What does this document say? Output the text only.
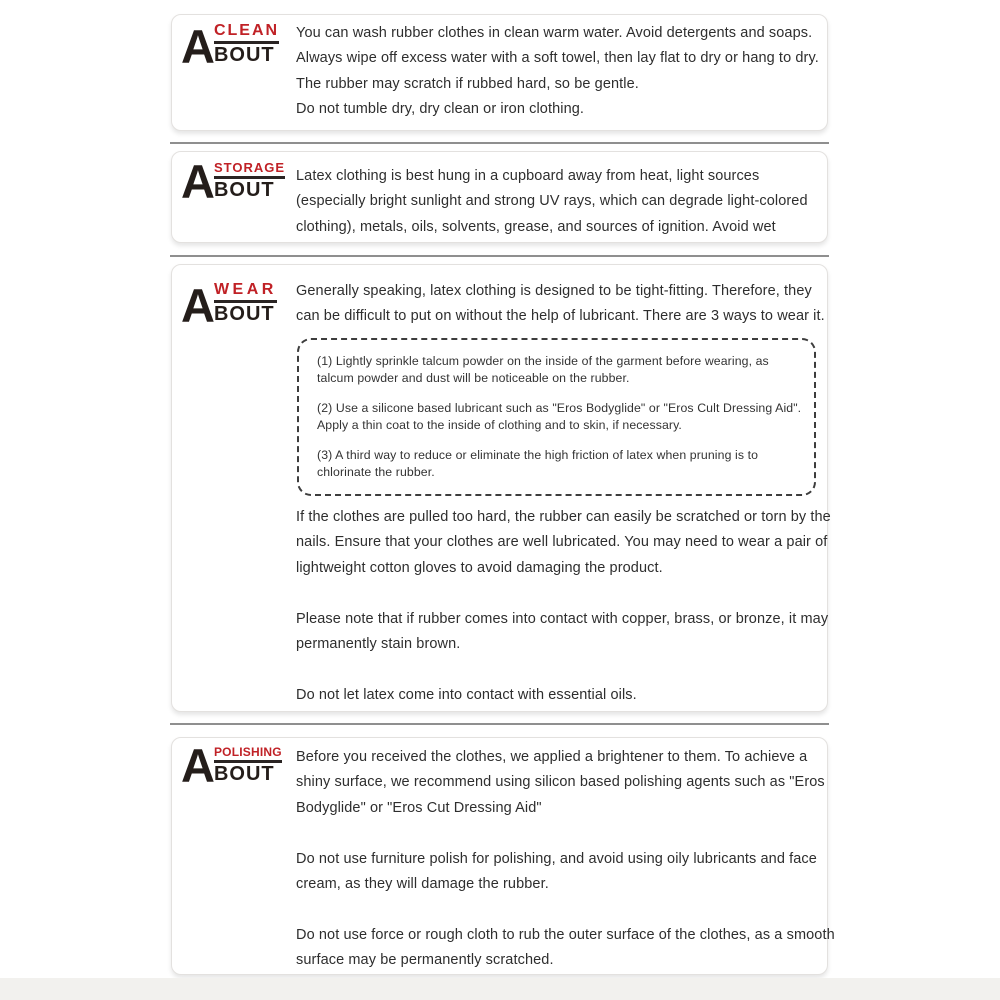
A CLEAN
BOUT
You can wash rubber clothes in clean warm water. Avoid detergents and soaps.
Always wipe off excess water with a soft towel, then lay flat to dry or hang to dry.
The rubber may scratch if rubbed hard, so be gentle.
Do not tumble dry, dry clean or iron clothing.
A STORAGE
BOUT
Latex clothing is best hung in a cupboard away from heat, light sources
(especially bright sunlight and strong UV rays, which can degrade light-colored
clothing), metals, oils, solvents, grease, and sources of ignition. Avoid wet
A WEAR
BOUT
Generally speaking, latex clothing is designed to be tight-fitting. Therefore, they
can be difficult to put on without the help of lubricant. There are 3 ways to wear it.
(1) Lightly sprinkle talcum powder on the inside of the garment before wearing, as
talcum powder and dust will be noticeable on the rubber.
(2) Use a silicone based lubricant such as "Eros Bodyglide" or "Eros Cult Dressing Aid".
Apply a thin coat to the inside of clothing and to skin, if necessary.
(3) A third way to reduce or eliminate the high friction of latex when pruning is to
chlorinate the rubber.
If the clothes are pulled too hard, the rubber can easily be scratched or torn by the
nails. Ensure that your clothes are well lubricated. You may need to wear a pair of
lightweight cotton gloves to avoid damaging the product.

Please note that if rubber comes into contact with copper, brass, or bronze, it may
permanently stain brown.

Do not let latex come into contact with essential oils.
A POLISHING
BOUT
Before you received the clothes, we applied a brightener to them. To achieve a
shiny surface, we recommend using silicon based polishing agents such as "Eros
Bodyglide" or "Eros Cut Dressing Aid"

Do not use furniture polish for polishing, and avoid using oily lubricants and face
cream, as they will damage the rubber.

Do not use force or rough cloth to rub the outer surface of the clothes, as a smooth
surface may be permanently scratched.
